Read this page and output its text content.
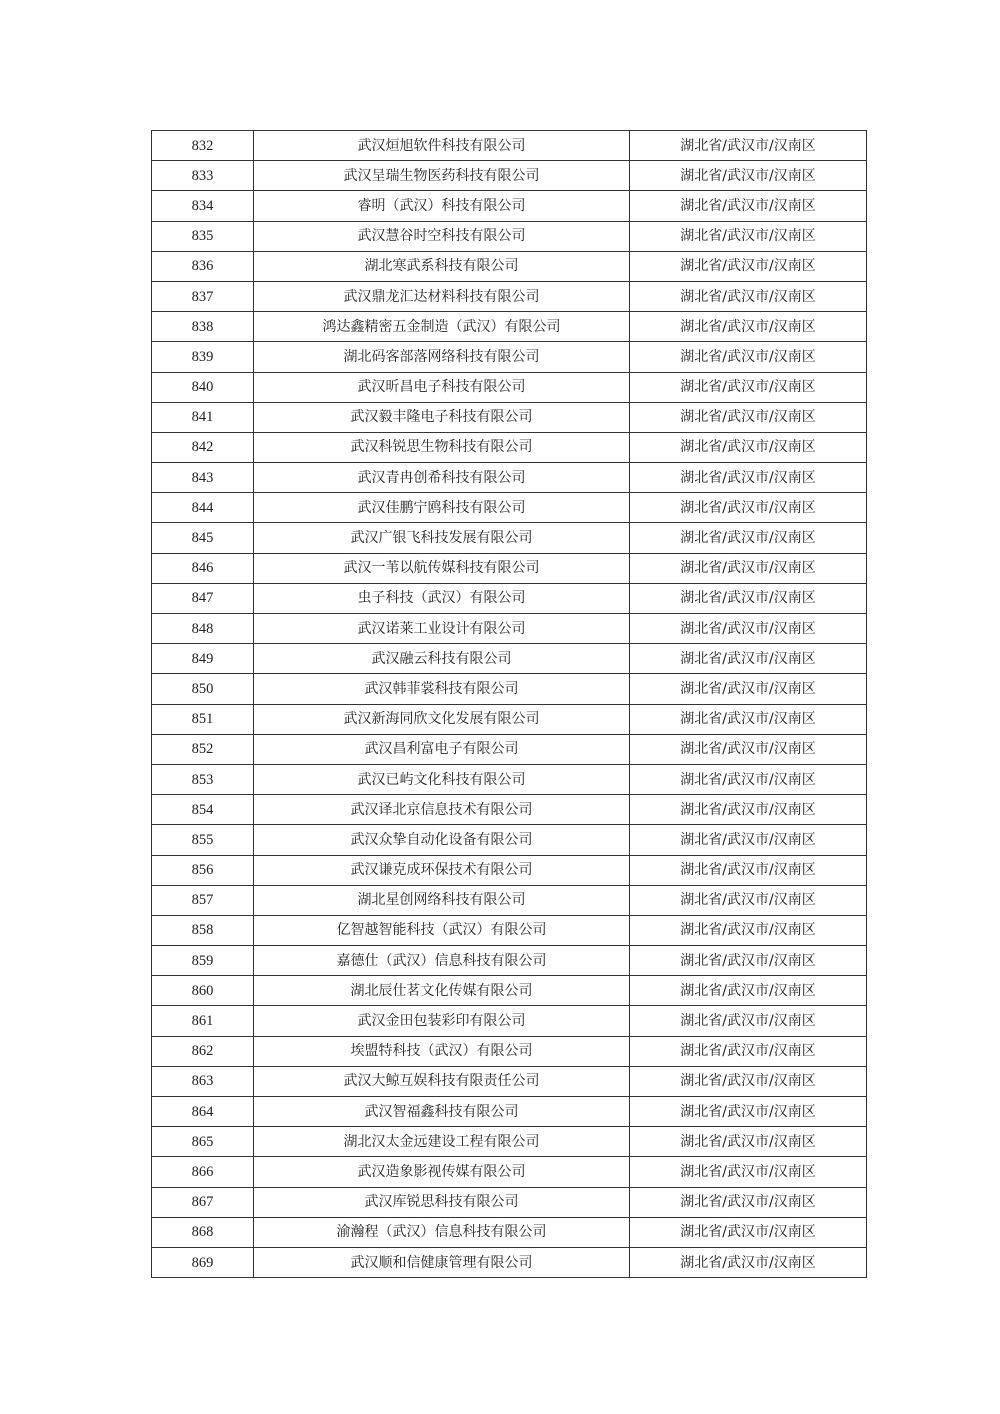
832	武汉烜旭软件科技有限公司	湖北省/武汉市/汉南区
833	武汉呈瑞生物医药科技有限公司	湖北省/武汉市/汉南区
834	睿明（武汉）科技有限公司	湖北省/武汉市/汉南区
835	武汉慧谷时空科技有限公司	湖北省/武汉市/汉南区
836	湖北寒武系科技有限公司	湖北省/武汉市/汉南区
837	武汉鼎龙汇达材料科技有限公司	湖北省/武汉市/汉南区
838	鸿达鑫精密五金制造（武汉）有限公司	湖北省/武汉市/汉南区
839	湖北码客部落网络科技有限公司	湖北省/武汉市/汉南区
840	武汉昕昌电子科技有限公司	湖北省/武汉市/汉南区
841	武汉毅丰隆电子科技有限公司	湖北省/武汉市/汉南区
842	武汉科锐思生物科技有限公司	湖北省/武汉市/汉南区
843	武汉青冉创希科技有限公司	湖北省/武汉市/汉南区
844	武汉佳鹏宁鸥科技有限公司	湖北省/武汉市/汉南区
845	武汉广银飞科技发展有限公司	湖北省/武汉市/汉南区
846	武汉一苇以航传媒科技有限公司	湖北省/武汉市/汉南区
847	虫子科技（武汉）有限公司	湖北省/武汉市/汉南区
848	武汉诺莱工业设计有限公司	湖北省/武汉市/汉南区
849	武汉融云科技有限公司	湖北省/武汉市/汉南区
850	武汉韩菲裳科技有限公司	湖北省/武汉市/汉南区
851	武汉新海同欣文化发展有限公司	湖北省/武汉市/汉南区
852	武汉昌利富电子有限公司	湖北省/武汉市/汉南区
853	武汉已屿文化科技有限公司	湖北省/武汉市/汉南区
854	武汉译北京信息技术有限公司	湖北省/武汉市/汉南区
855	武汉众挚自动化设备有限公司	湖北省/武汉市/汉南区
856	武汉谦克成环保技术有限公司	湖北省/武汉市/汉南区
857	湖北星创网络科技有限公司	湖北省/武汉市/汉南区
858	亿智越智能科技（武汉）有限公司	湖北省/武汉市/汉南区
859	嘉德仕（武汉）信息科技有限公司	湖北省/武汉市/汉南区
860	湖北辰仕茗文化传媒有限公司	湖北省/武汉市/汉南区
861	武汉金田包装彩印有限公司	湖北省/武汉市/汉南区
862	埃盟特科技（武汉）有限公司	湖北省/武汉市/汉南区
863	武汉大鲸互娱科技有限责任公司	湖北省/武汉市/汉南区
864	武汉智福鑫科技有限公司	湖北省/武汉市/汉南区
865	湖北汉太金远建设工程有限公司	湖北省/武汉市/汉南区
866	武汉造象影视传媒有限公司	湖北省/武汉市/汉南区
867	武汉库锐思科技有限公司	湖北省/武汉市/汉南区
868	渝瀚程（武汉）信息科技有限公司	湖北省/武汉市/汉南区
869	武汉顺和信健康管理有限公司	湖北省/武汉市/汉南区
